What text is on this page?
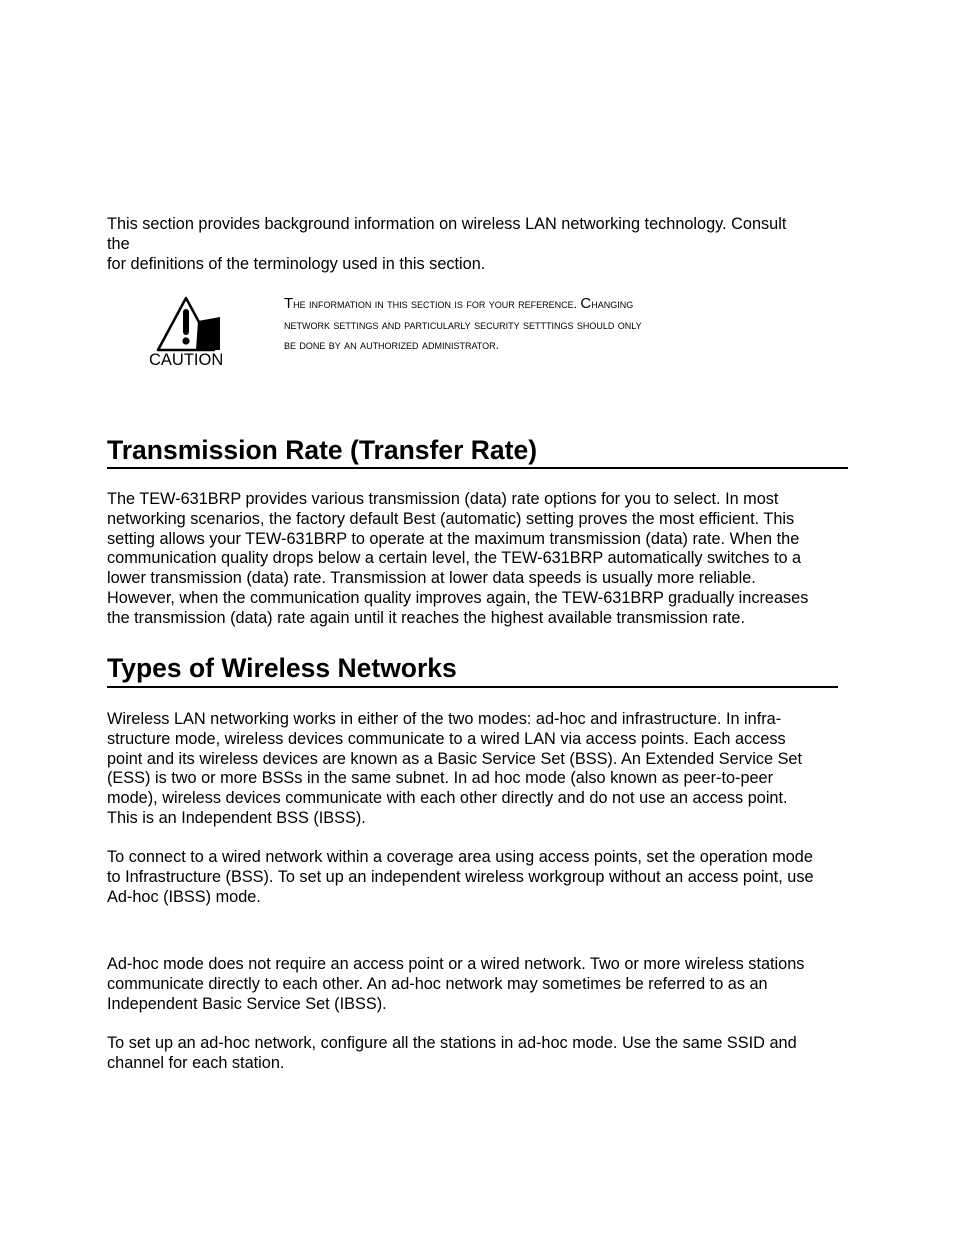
This section provides background information on wireless LAN networking technology. Consult
the
for definitions of the terminology used in this section.
CAUTION
The information in this section is for your reference. Changing
network settings and particularly security setttings should only
be done by an authorized administrator.
Transmission Rate (Transfer Rate)
The TEW-631BRP provides various transmission (data) rate options for you to select. In most
networking scenarios, the factory default Best (automatic) setting proves the most efficient. This
setting allows your TEW-631BRP to operate at the maximum transmission (data) rate. When the
communication quality drops below a certain level, the TEW-631BRP automatically switches to a
lower transmission (data) rate. Transmission at lower data speeds is usually more reliable.
However, when the communication quality improves again, the TEW-631BRP gradually increases
the transmission (data) rate again until it reaches the highest available transmission rate.
Types of Wireless Networks
Wireless LAN networking works in either of the two modes: ad-hoc and infrastructure. In infra-
structure mode, wireless devices communicate to a wired LAN via access points. Each access
point and its wireless devices are known as a Basic Service Set (BSS). An Extended Service Set
(ESS) is two or more BSSs in the same subnet. In ad hoc mode (also known as peer-to-peer
mode), wireless devices communicate with each other directly and do not use an access point.
This is an Independent BSS (IBSS).
To connect to a wired network within a coverage area using access points, set the operation mode
to Infrastructure (BSS). To set up an independent wireless workgroup without an access point, use
Ad-hoc (IBSS) mode.
Ad-hoc mode does not require an access point or a wired network. Two or more wireless stations
communicate directly to each other. An ad-hoc network may sometimes be referred to as an
Independent Basic Service Set (IBSS).
To set up an ad-hoc network, configure all the stations in ad-hoc mode. Use the same SSID and
channel for each station.
